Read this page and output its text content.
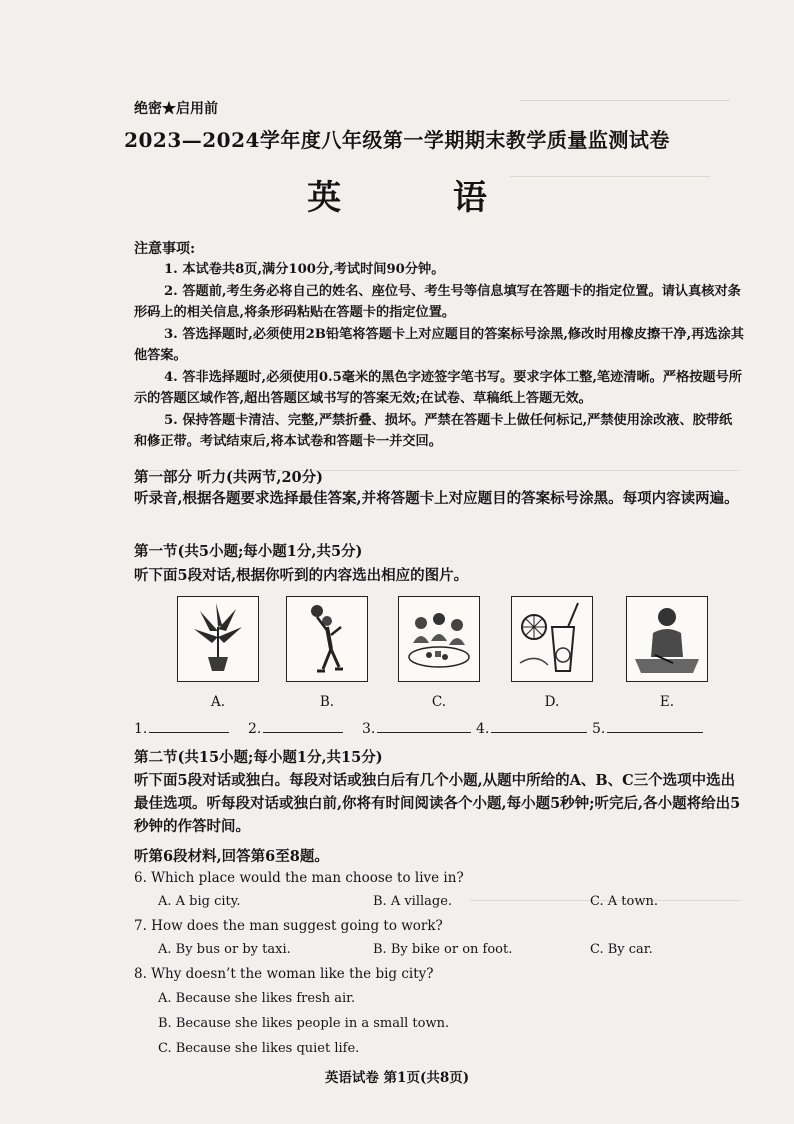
绝密★启用前
2023—2024学年度八年级第一学期期末教学质量监测试卷
英 语
注意事项:

1. 本试卷共8页,满分100分,考试时间90分钟。

2. 答题前,考生务必将自己的姓名、座位号、考生号等信息填写在答题卡的指定位置。请认真核对条形码上的相关信息,将条形码粘贴在答题卡的指定位置。

3. 答选择题时,必须使用2B铅笔将答题卡上对应题目的答案标号涂黑,修改时用橡皮擦干净,再选涂其他答案。

4. 答非选择题时,必须使用0.5毫米的黑色字迹签字笔书写。要求字体工整,笔迹清晰。严格按题号所示的答题区域作答,超出答题区域书写的答案无效;在试卷、草稿纸上答题无效。

5. 保持答题卡清洁、完整,严禁折叠、损坏。严禁在答题卡上做任何标记,严禁使用涂改液、胶带纸和修正带。考试结束后,将本试卷和答题卡一并交回。

第一部分 听力(共两节,20分)

听录音,根据各题要求选择最佳答案,并将答题卡上对应题目的答案标号涂黑。每项内容读两遍。

第一节(共5小题;每小题1分,共5分)
听下面5段对话,根据你听到的内容选出相应的图片。
A.	B.	C.	D.	E.
1.	2.	3.	4.	5.
第二节(共15小题;每小题1分,共15分)

听下面5段对话或独白。每段对话或独白后有几个小题,从题中所给的A、B、C三个选项中选出最佳选项。听每段对话或独白前,你将有时间阅读各个小题,每小题5秒钟;听完后,各小题将给出5秒钟的作答时间。

听第6段材料,回答第6至8题。
6. Which place would the man choose to live in?
A. A big city.	B. A village.	C. A town.
7. How does the man suggest going to work?
A. By bus or by taxi.	B. By bike or on foot.	C. By car.
8. Why doesn’t the woman like the big city?
A. Because she likes fresh air.
B. Because she likes people in a small town.
C. Because she likes quiet life.
英语试卷 第1页(共8页)
